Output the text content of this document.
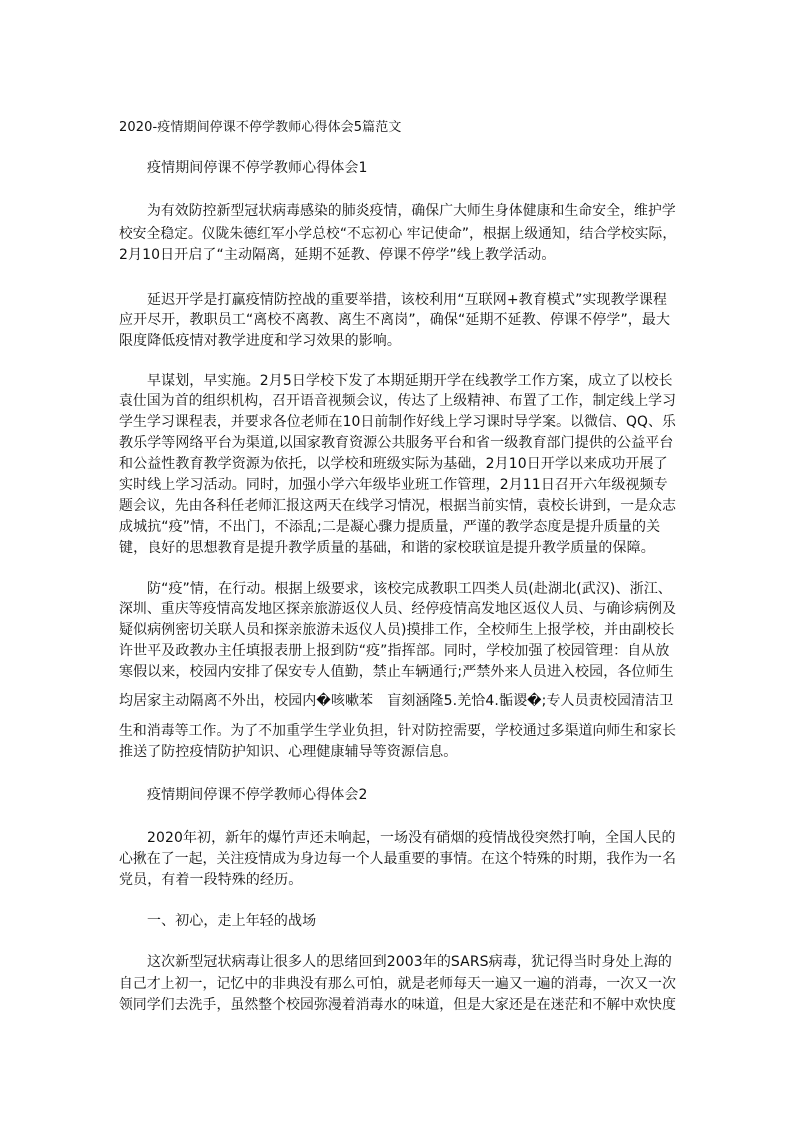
2020-疫情期间停课不停学教师心得体会5篇范文
疫情期间停课不停学教师心得体会1
为有效防控新型冠状病毒感染的肺炎疫情，确保广大师生身体健康和生命安全，维护学
校安全稳定。仪陇朱德红军小学总校“不忘初心 牢记使命”，根据上级通知，结合学校实际，
2月10日开启了“主动隔离，延期不延教、停课不停学”线上教学活动。
延迟开学是打赢疫情防控战的重要举措，该校利用“互联网+教育模式”实现教学课程
应开尽开，教职员工“离校不离教、离生不离岗”，确保“延期不延教、停课不停学”，最大
限度降低疫情对教学进度和学习效果的影响。
早谋划，早实施。2月5日学校下发了本期延期开学在线教学工作方案，成立了以校长
袁仕国为首的组织机构，召开语音视频会议，传达了上级精神、布置了工作，制定线上学习
学生学习课程表，并要求各位老师在10日前制作好线上学习课时导学案。以微信、QQ、乐
教乐学等网络平台为渠道,以国家教育资源公共服务平台和省一级教育部门提供的公益平台
和公益性教育教学资源为依托，以学校和班级实际为基础，2月10日开学以来成功开展了
实时线上学习活动。同时，加强小学六年级毕业班工作管理，2月11日召开六年级视频专
题会议，先由各科任老师汇报这两天在线学习情况，根据当前实情，袁校长讲到，一是众志
成城抗“疫”情，不出门，不添乱;二是凝心骤力提质量，严谨的教学态度是提升质量的关
键，良好的思想教育是提升教学质量的基础，和谐的家校联谊是提升教学质量的保障。
防“疫”情，在行动。根据上级要求，该校完成教职工四类人员(赴湖北(武汉)、浙江、
深圳、重庆等疫情高发地区探亲旅游返仪人员、经停疫情高发地区返仪人员、与确诊病例及
疑似病例密切关联人员和探亲旅游未返仪人员)摸排工作，全校师生上报学校，并由副校长
许世平及政教办主任填报表册上报到防“疫”指挥部。同时，学校加强了校园管理：自从放
寒假以来，校园内安排了保安专人值勤，禁止车辆通行;严禁外来人员进入校园，各位师生
均居家主动隔离不外出，校园内�咳嗽苯　盲刻涵隆5.羌恰4.骺谡�;专人员责校园清洁卫
生和消毒等工作。为了不加重学生学业负担，针对防控需要，学校通过多渠道向师生和家长
推送了防控疫情防护知识、心理健康辅导等资源信息。
疫情期间停课不停学教师心得体会2
2020年初，新年的爆竹声还未响起，一场没有硝烟的疫情战役突然打响，全国人民的
心揪在了一起，关注疫情成为身边每一个人最重要的事情。在这个特殊的时期，我作为一名
党员，有着一段特殊的经历。
一、初心，走上年轻的战场
这次新型冠状病毒让很多人的思绪回到2003年的SARS病毒，犹记得当时身处上海的
自己才上初一，记忆中的非典没有那么可怕，就是老师每天一遍又一遍的消毒，一次又一次
领同学们去洗手，虽然整个校园弥漫着消毒水的味道，但是大家还是在迷茫和不解中欢快度
